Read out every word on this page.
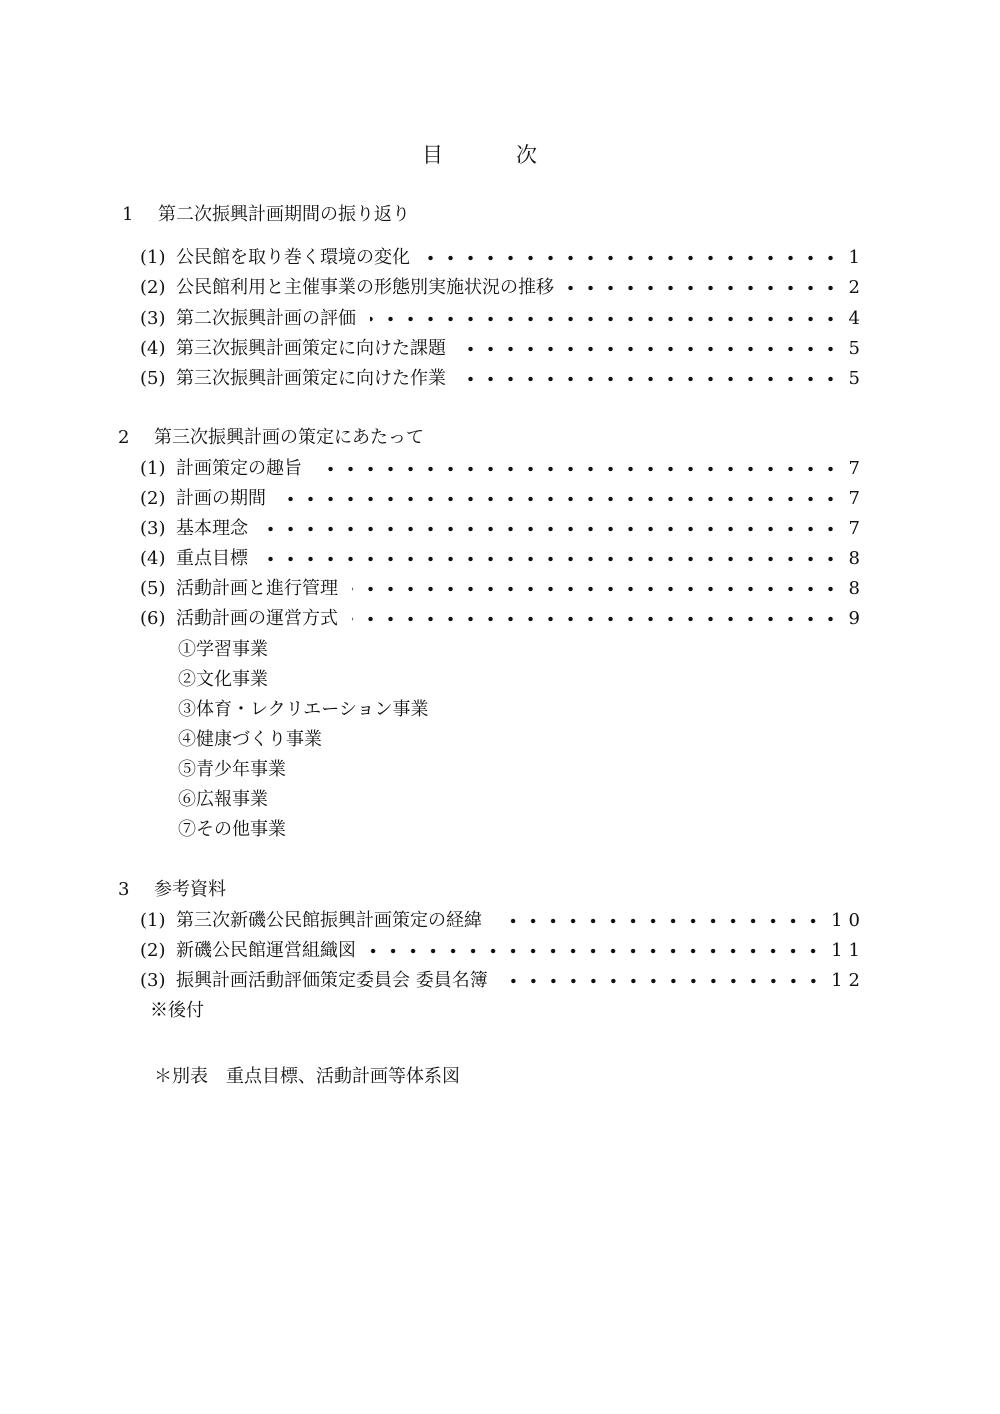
目	次
1 第二次振興計画期間の振り返り
(1) 公民館を取り巻く環境の変化	1
(2) 公民館利用と主催事業の形態別実施状況の推移	2
(3) 第二次振興計画の評価	4
(4) 第三次振興計画策定に向けた課題	5
(5) 第三次振興計画策定に向けた作業	5
2 第三次振興計画の策定にあたって
(1) 計画策定の趣旨	7
(2) 計画の期間	7
(3) 基本理念	7
(4) 重点目標	8
(5) 活動計画と進行管理	8
(6) 活動計画の運営方式	9
①学習事業
②文化事業
③体育・レクリエーション事業
④健康づくり事業
⑤青少年事業
⑥広報事業
⑦その他事業
3 参考資料
(1) 第三次新磯公民館振興計画策定の経緯	10
(2) 新磯公民館運営組織図	11
(3) 振興計画活動評価策定委員会 委員名簿	12
※後付
＊別表　重点目標、活動計画等体系図
